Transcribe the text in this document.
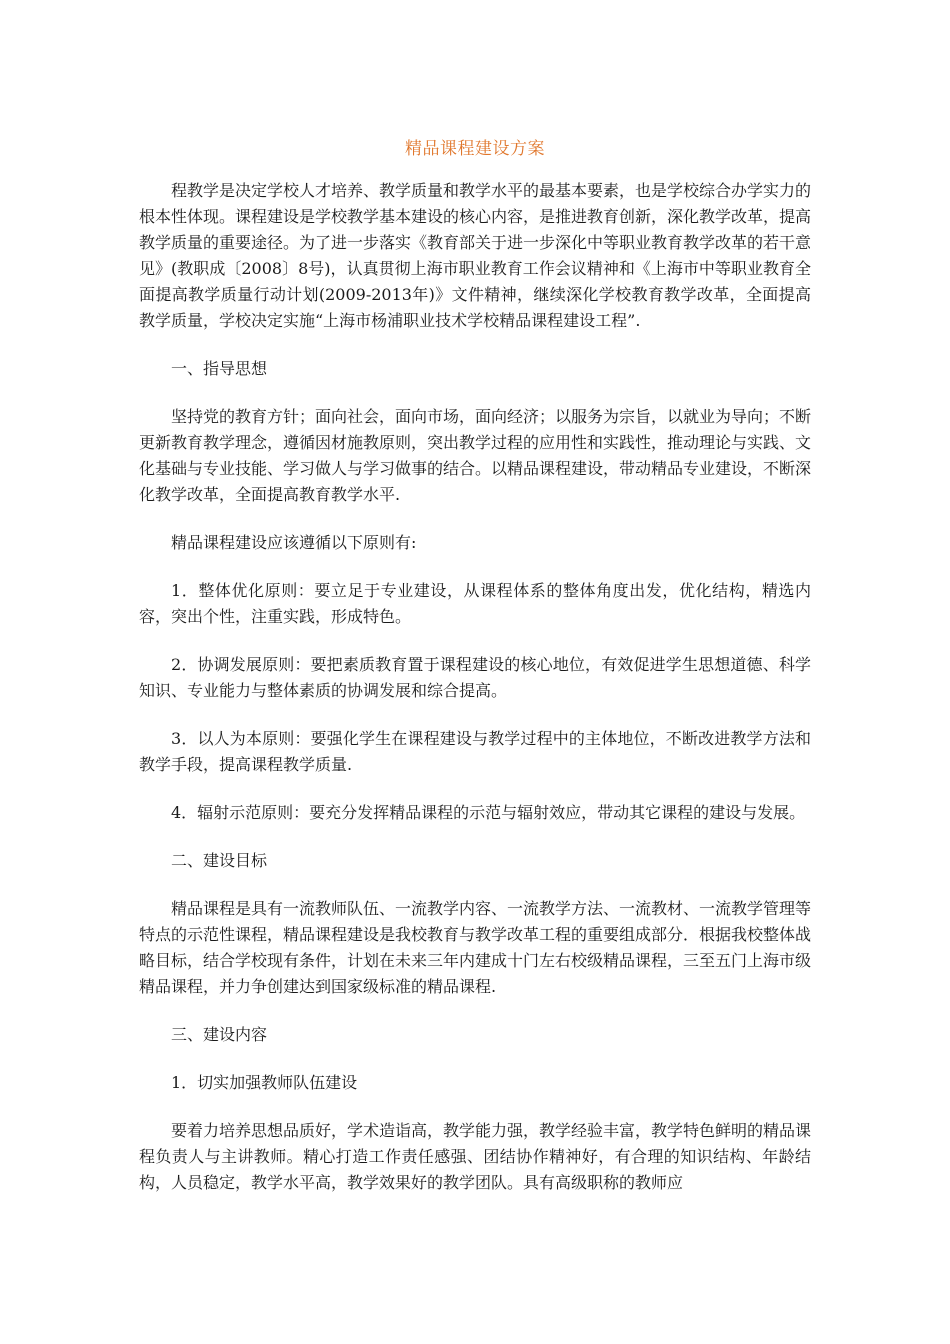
精品课程建设方案

程教学是决定学校人才培养、教学质量和教学水平的最基本要素，也是学校综合办学实力的根本性体现。课程建设是学校教学基本建设的核心内容，是推进教育创新，深化教学改革，提高教学质量的重要途径。为了进一步落实《教育部关于进一步深化中等职业教育教学改革的若干意见》(教职成〔2008〕8号)，认真贯彻上海市职业教育工作会议精神和《上海市中等职业教育全面提高教学质量行动计划(2009-2013年)》文件精神，继续深化学校教育教学改革，全面提高教学质量，学校决定实施“上海市杨浦职业技术学校精品课程建设工程”.

一、指导思想

坚持党的教育方针；面向社会，面向市场，面向经济；以服务为宗旨，以就业为导向；不断更新教育教学理念，遵循因材施教原则，突出教学过程的应用性和实践性，推动理论与实践、文化基础与专业技能、学习做人与学习做事的结合。以精品课程建设，带动精品专业建设，不断深化教学改革，全面提高教育教学水平.

精品课程建设应该遵循以下原则有:

1．整体优化原则：要立足于专业建设，从课程体系的整体角度出发，优化结构，精选内容，突出个性，注重实践，形成特色。

2．协调发展原则：要把素质教育置于课程建设的核心地位，有效促进学生思想道德、科学知识、专业能力与整体素质的协调发展和综合提高。

3．以人为本原则：要强化学生在课程建设与教学过程中的主体地位，不断改进教学方法和教学手段，提高课程教学质量.

4．辐射示范原则：要充分发挥精品课程的示范与辐射效应，带动其它课程的建设与发展。

二、建设目标

精品课程是具有一流教师队伍、一流教学内容、一流教学方法、一流教材、一流教学管理等特点的示范性课程，精品课程建设是我校教育与教学改革工程的重要组成部分．根据我校整体战略目标，结合学校现有条件，计划在未来三年内建成十门左右校级精品课程，三至五门上海市级精品课程，并力争创建达到国家级标准的精品课程.

三、建设内容

1．切实加强教师队伍建设

要着力培养思想品质好，学术造诣高，教学能力强，教学经验丰富，教学特色鲜明的精品课程负责人与主讲教师。精心打造工作责任感强、团结协作精神好，有合理的知识结构、年龄结构，人员稳定，教学水平高，教学效果好的教学团队。具有高级职称的教师应
